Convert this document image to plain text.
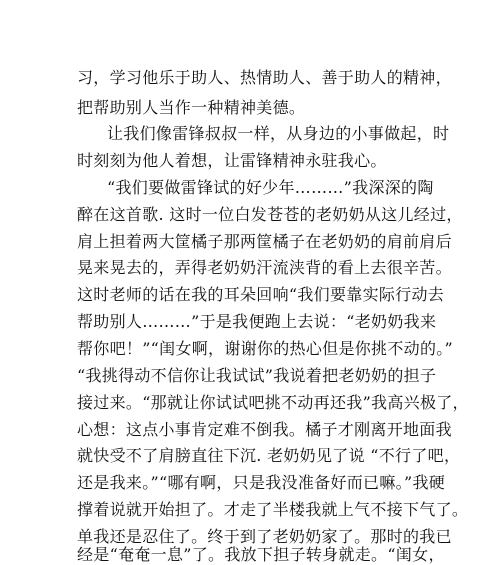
习，学习他乐于助人、热情助人、善于助人的精神，
把帮助别人当作一种精神美德。
让我们像雷锋叔叔一样，从身边的小事做起，时
时刻刻为他人着想，让雷锋精神永驻我心。
“我们要做雷锋试的好少年………”我深深的陶
醉在这首歌. 这时一位白发苍苍的老奶奶从这儿经过，
肩上担着两大筐橘子那两筐橘子在老奶奶的肩前肩后
晃来晃去的，弄得老奶奶汗流浃背的看上去很辛苦。
这时老师的话在我的耳朵回响“我们要靠实际行动去
帮助别人………”于是我便跑上去说：“老奶奶我来
帮你吧！”“闺女啊，谢谢你的热心但是你挑不动的。”
“我挑得动不信你让我试试”我说着把老奶奶的担子
接过来。“那就让你试试吧挑不动再还我”我高兴极了，
心想：这点小事肯定难不倒我。橘子才刚离开地面我
就快受不了肩膀直往下沉. 老奶奶见了说 “不行了吧，
还是我来。”“哪有啊，只是我没准备好而已嘛。”我硬
撑着说就开始担了。才走了半楼我就上气不接下气了。
单我还是忍住了。终于到了老奶奶家了。那时的我已
经是“奄奄一息”了。我放下担子转身就走。“闺女，
